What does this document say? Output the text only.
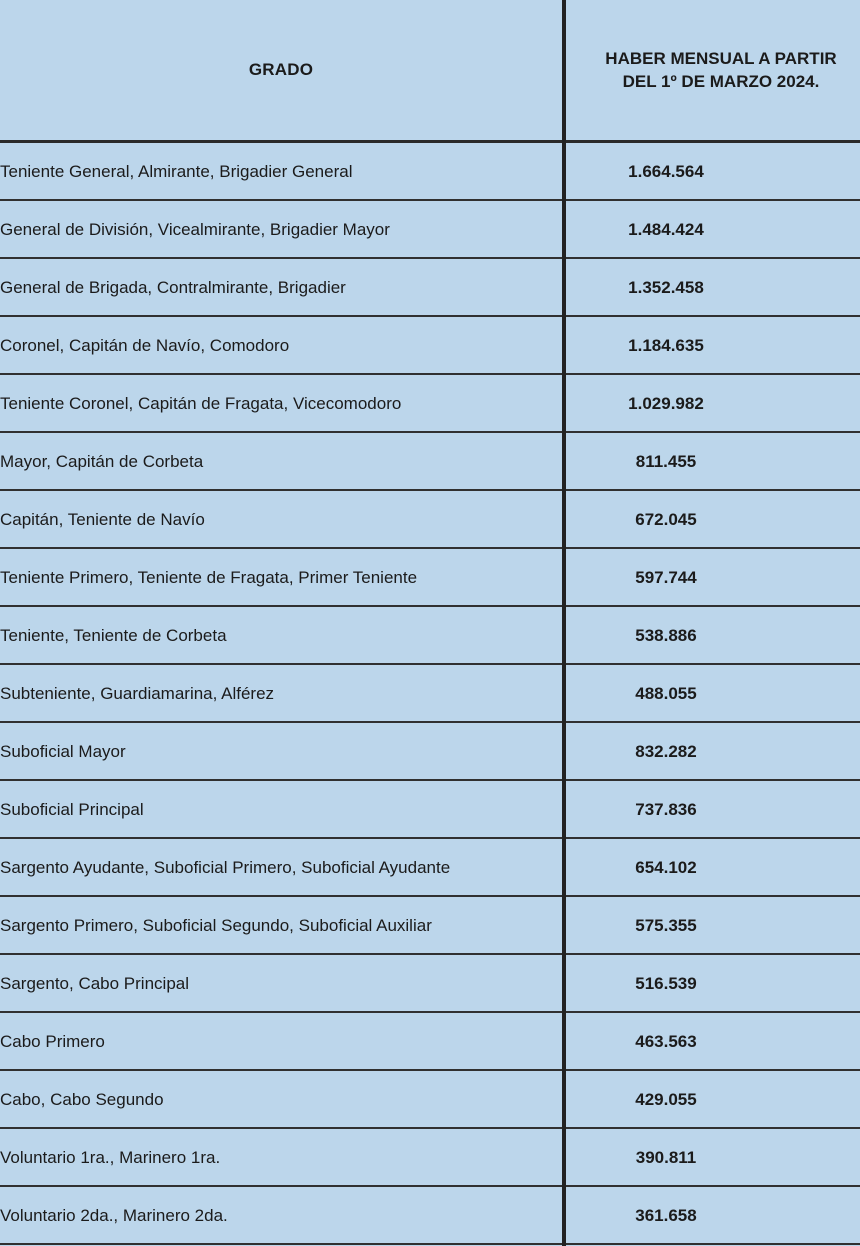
GRADO
HABER MENSUAL A PARTIR
DEL 1º DE MARZO 2024.
Teniente General, Almirante, Brigadier General	1.664.564
General de División, Vicealmirante, Brigadier Mayor	1.484.424
General de Brigada, Contralmirante, Brigadier	1.352.458
Coronel, Capitán de Navío, Comodoro	1.184.635
Teniente Coronel, Capitán de Fragata, Vicecomodoro	1.029.982
Mayor, Capitán de Corbeta	811.455
Capitán, Teniente de Navío	672.045
Teniente Primero, Teniente de Fragata, Primer Teniente	597.744
Teniente, Teniente de Corbeta	538.886
Subteniente, Guardiamarina, Alférez	488.055
Suboficial Mayor	832.282
Suboficial Principal	737.836
Sargento Ayudante, Suboficial Primero, Suboficial Ayudante	654.102
Sargento Primero, Suboficial Segundo, Suboficial Auxiliar	575.355
Sargento, Cabo Principal	516.539
Cabo Primero	463.563
Cabo, Cabo Segundo	429.055
Voluntario 1ra., Marinero 1ra.	390.811
Voluntario 2da., Marinero 2da.	361.658
